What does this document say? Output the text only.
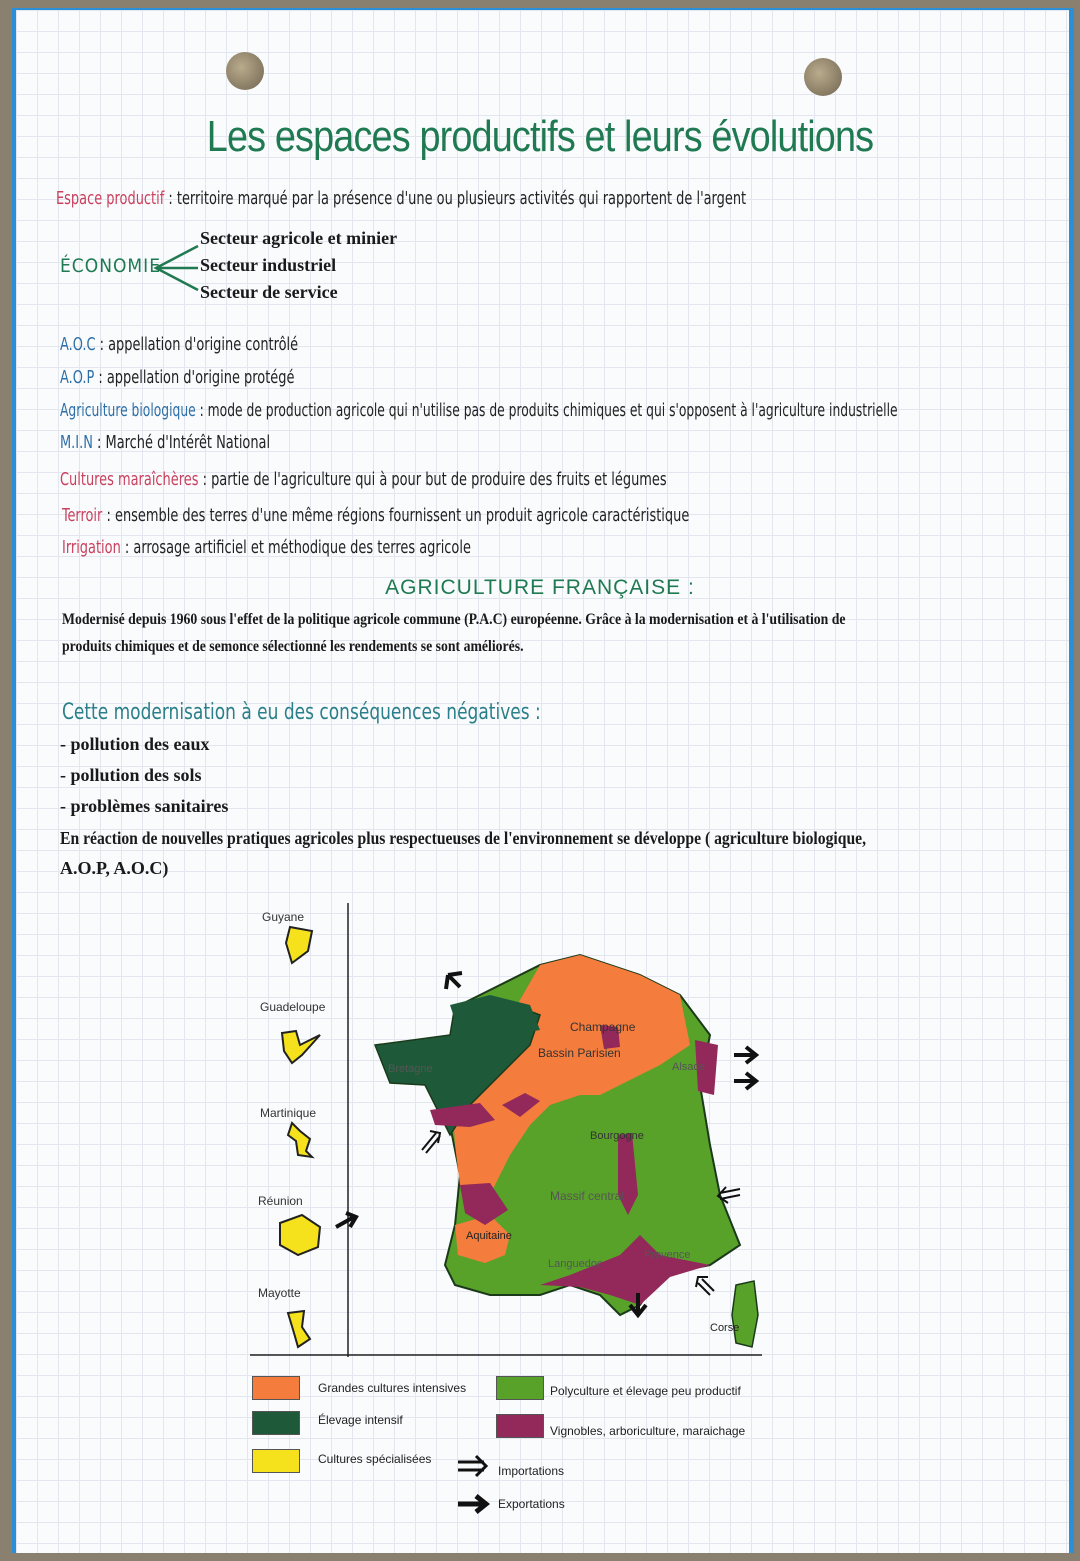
Les espaces productifs et leurs évolutions
Espace productif : territoire marqué par la présence d'une ou plusieurs activités qui rapportent de l'argent
ÉCONOMIE
Secteur agricole et minier
Secteur industriel
Secteur de service
A.O.C : appellation d'origine contrôlé
A.O.P : appellation d'origine protégé
Agriculture biologique : mode de production agricole qui n'utilise pas de produits chimiques et qui s'opposent à l'agriculture industrielle
M.I.N : Marché d'Intérêt National
Cultures maraîchères : partie de l'agriculture qui à pour but de produire des fruits et légumes
Terroir : ensemble des terres d'une même régions fournissent un produit agricole caractéristique
Irrigation : arrosage artificiel et méthodique des terres agricole
AGRICULTURE FRANÇAISE :
Modernisé depuis 1960 sous l'effet de la politique agricole commune (P.A.C) européenne. Grâce à la modernisation et à l'utilisation de
produits chimiques et de semonce sélectionné les rendements se sont améliorés.
Cette modernisation à eu des conséquences négatives :
- pollution des eaux
- pollution des sols
- problèmes sanitaires
En réaction de nouvelles pratiques agricoles plus respectueuses de l'environnement se développe ( agriculture biologique,
A.O.P, A.O.C)
Bretagne
Champagne
Bassin Parisien
Alsace
Bourgogne
Massif central
Aquitaine
Languedoc
Provence
Corse
Guyane
Guadeloupe
Martinique
Réunion
Mayotte
Grandes cultures intensives
Élevage intensif
Cultures spécialisées
Polyculture et élevage peu productif
Vignobles, arboriculture, maraichage
Importations
Exportations
